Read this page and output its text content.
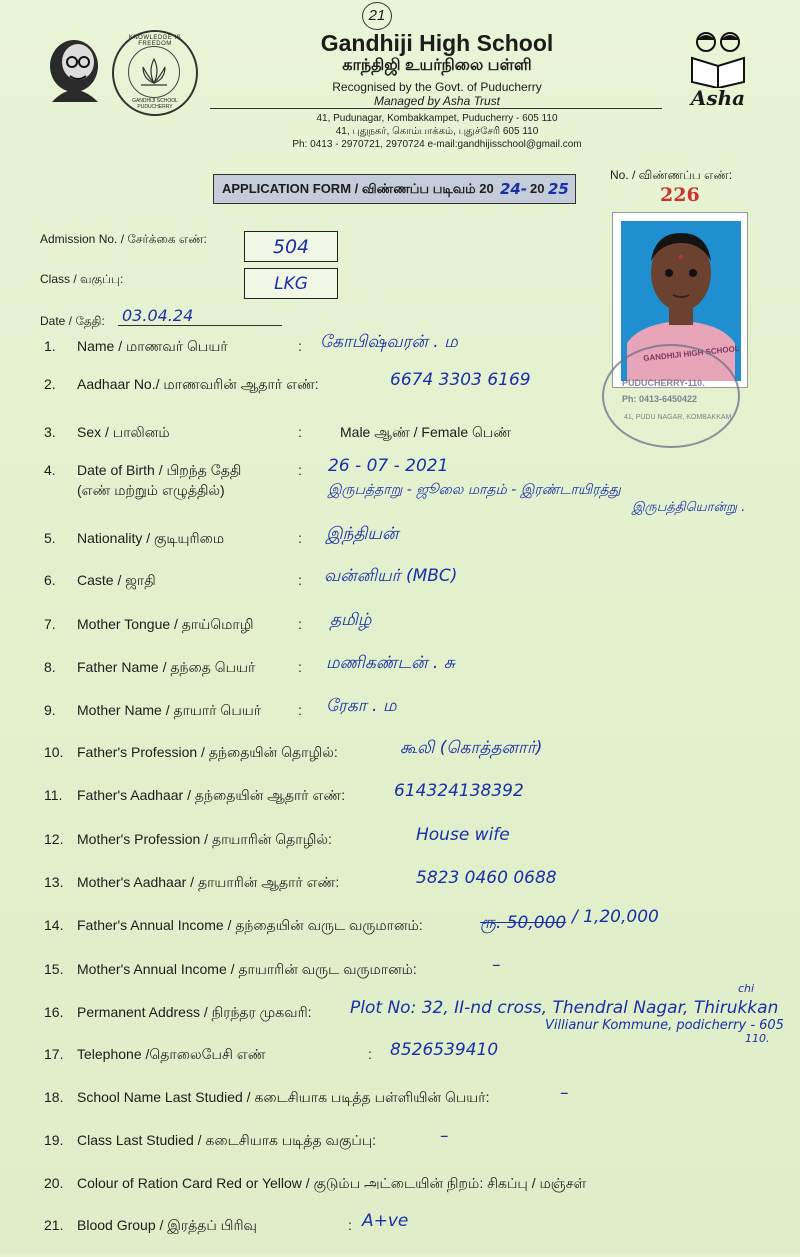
21
KNOWLEDGE IS FREEDOM
GANDHIJI SCHOOL PUDUCHERRY	Asha
Gandhiji High School
காந்திஜி உயர்நிலை பள்ளி
Recognised by the Govt. of Puducherry
Managed by Asha Trust
41, Pudunagar, Kombakkampet, Puducherry - 605 110
41, புதுநகர், கொம்பாக்கம், புதுச்சேரி 605 110
Ph: 0413 - 2970721, 2970724 e-mail:gandhijisschool@gmail.com
APPLICATION FORM / விண்ணப்ப படிவம் 20 24- 20 25
No. / விண்ணப்ப எண்:
226
GANDHIJI HIGH SCHOOL
PUDUCHERRY-110.
Ph: 0413-6450422
41, PUDU NAGAR, KOMBAKKAM
Admission No. / சேர்க்கை எண்:	504
Class / வகுப்பு:	LKG
Date / தேதி: 03.04.24
1. Name / மாணவர் பெயர்	: கோபிஷ்வரன் . ம
2. Aadhaar No./ மாணவரின் ஆதார் எண்:	6674 3303 6169
3. Sex / பாலினம்	:	Male ஆண் / Female பெண்
4. Date of Birth / பிறந்த தேதி
(எண் மற்றும் எழுத்தில்)
: 26 - 07 - 2021
இருபத்தாறு - ஜூலை மாதம் - இரண்டாயிரத்து
இருபத்தியொன்று .
5. Nationality / குடியுரிமை	: இந்தியன்
6. Caste / ஜாதி	: வன்னியர் (MBC)
7. Mother Tongue / தாய்மொழி	: தமிழ்
8. Father Name / தந்தை பெயர்	: மணிகண்டன் . சு
9. Mother Name / தாயார் பெயர்	: ரேகா . ம
10. Father's Profession / தந்தையின் தொழில்:	கூலி (கொத்தனார்)
11. Father's Aadhaar / தந்தையின் ஆதார் எண்:	614324138392
12. Mother's Profession / தாயாரின் தொழில்:	House wife
13. Mother's Aadhaar / தாயாரின் ஆதார் எண்:	5823 0460 0688
14. Father's Annual Income / தந்தையின் வருட வருமானம்:	ரூ. 50,000 / 1,20,000
15. Mother's Annual Income / தாயாரின் வருட வருமானம்:	–
16. Permanent Address / நிரந்தர முகவரி: Plot No: 32, II-nd cross, Thendral Nagar, Thirukkan
chi
Villianur Kommune, podicherry - 605
110.
17. Telephone /தொலைபேசி எண்	: 8526539410
18. School Name Last Studied / கடைசியாக படித்த பள்ளியின் பெயர்:	–
19. Class Last Studied / கடைசியாக படித்த வகுப்பு:	–
20. Colour of Ration Card Red or Yellow / குடும்ப அட்டையின் நிறம்: சிகப்பு / மஞ்சள்
21. Blood Group / இரத்தப் பிரிவு	: A+ve
